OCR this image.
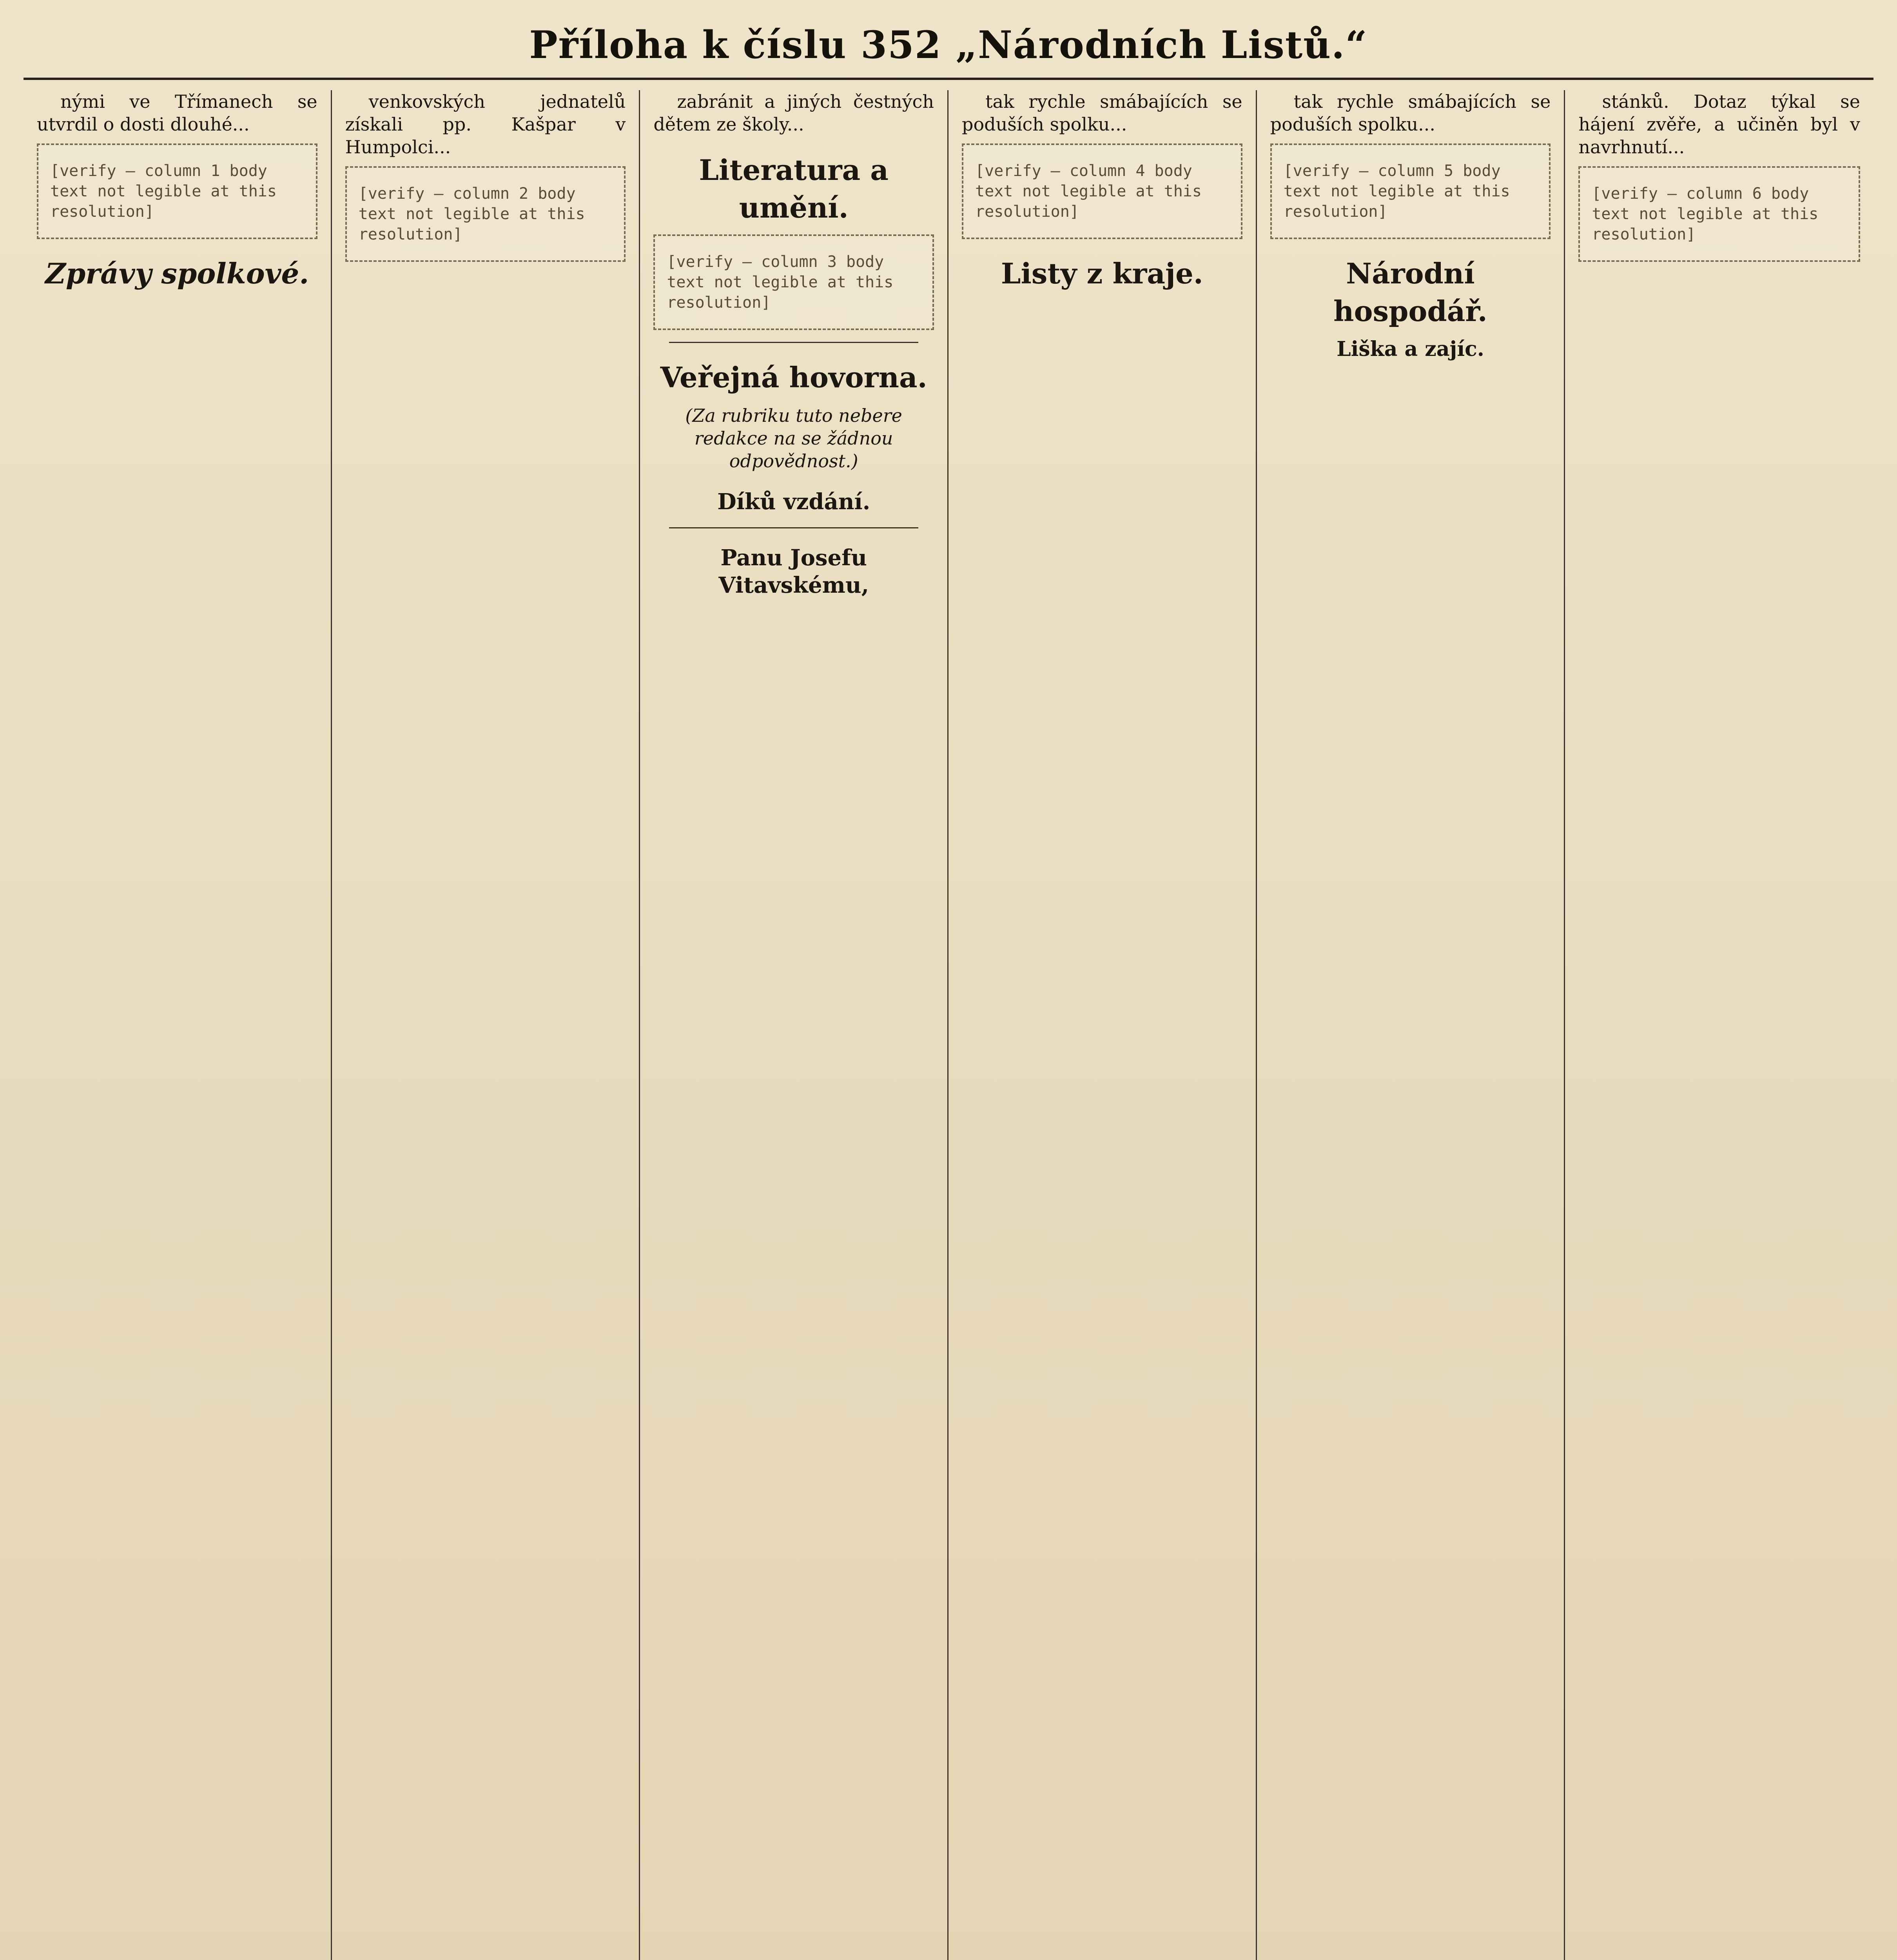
Příloha k číslu 352 „Národních Listů.“

nými ve Třímanech se utvrdil o dosti dlouhé...

[verify — column 1 body text not legible at this resolution]
Zprávy spolkové.

venkovských jednatelů získali pp. Kašpar v Humpolci...

[verify — column 2 body text not legible at this resolution]

zabránit a jiných čestných dětem ze školy...

Literatura a umění.
[verify — column 3 body text not legible at this resolution]
Veřejná hovorna.
(Za rubriku tuto nebere redakce na se žádnou odpovědnost.)
Díků vzdání.
Panu Josefu Vitavskému,

tak rychle smábajících se poduších spolku...

[verify — column 4 body text not legible at this resolution]
Listy z kraje.

tak rychle smábajících se poduších spolku...

[verify — column 5 body text not legible at this resolution]
Národní hospodář.
Liška a zajíc.

stánků. Dotaz týkal se hájení zvěře, a učiněn byl v navrhnutí...

[verify — column 6 body text not legible at this resolution]
